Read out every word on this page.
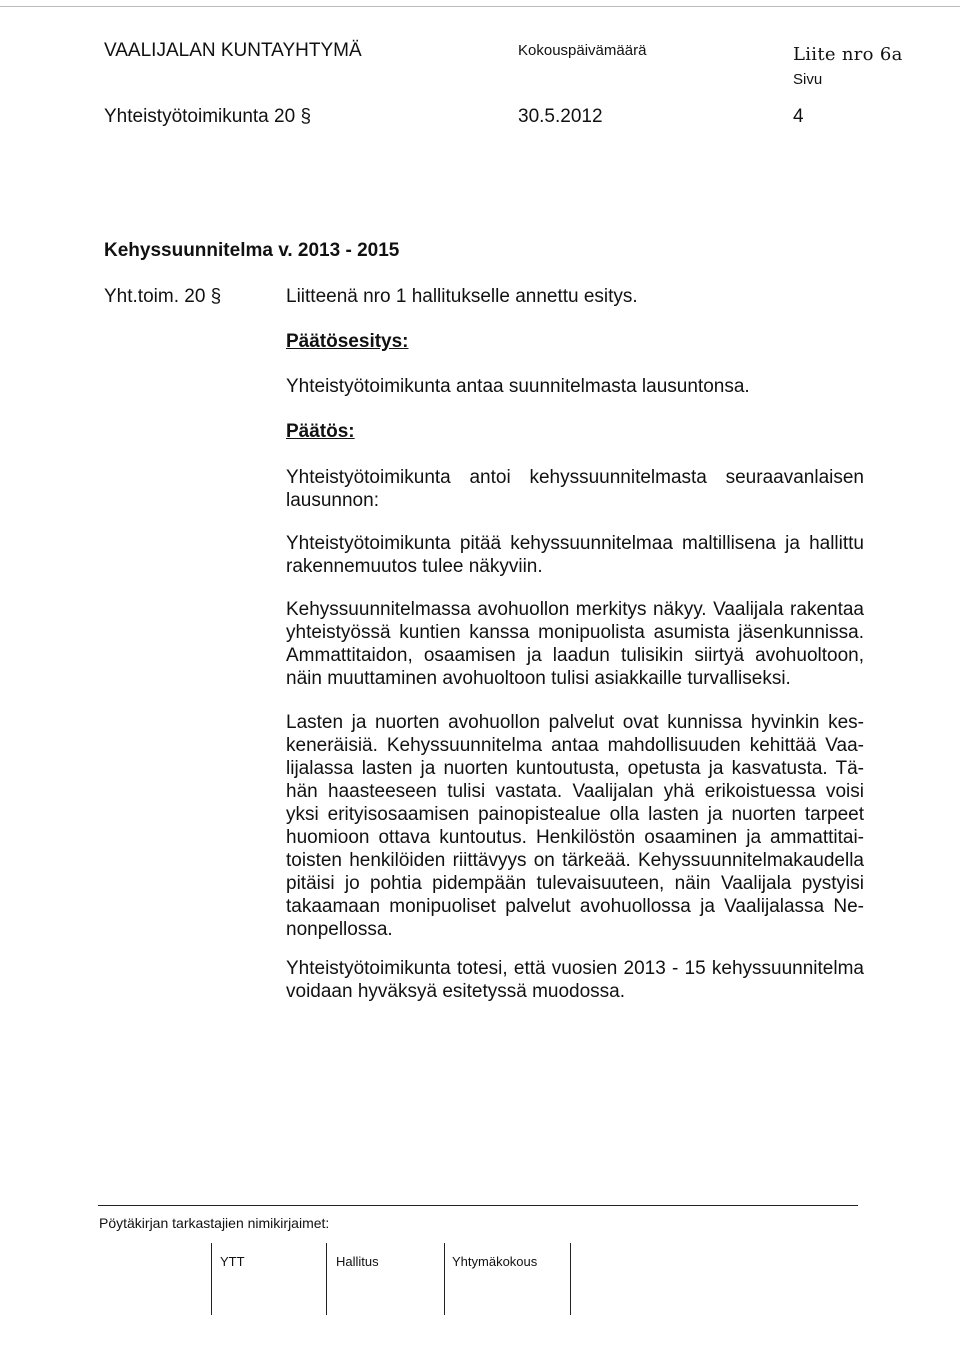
VAALIJALAN KUNTAYHTYMÄ	Kokouspäivämäärä	Liite nro 6a
Sivu
Yhteistyötoimikunta 20 §	30.5.2012	4
Kehyssuunnitelma v. 2013 - 2015
Yht.toim. 20 §	Liitteenä nro 1 hallitukselle annettu esitys.
Päätösesitys:
Yhteistyötoimikunta antaa suunnitelmasta lausuntonsa.
Päätös:
Yhteistyötoimikunta antoi kehyssuunnitelmasta seuraavanlaisen lausunnon:
Yhteistyötoimikunta pitää kehyssuunnitelmaa maltillisena ja hallittu rakennemuutos tulee näkyviin.
Kehyssuunnitelmassa avohuollon merkitys näkyy. Vaalijala rakentaa yhteistyössä kuntien kanssa monipuolista asumista jäsenkunnissa. Ammattitaidon, osaamisen ja laadun tulisikin siirtyä avohuoltoon, näin muuttaminen avohuoltoon tulisi asiakkaille turvalliseksi.
Lasten ja nuorten avohuollon palvelut ovat kunnissa hyvinkin keskeneräisiä. Kehyssuunnitelma antaa mahdollisuuden kehittää Vaalijalassa lasten ja nuorten kuntoutusta, opetusta ja kasvatusta. Tähän haasteeseen tulisi vastata. Vaalijalan yhä erikoistuessa voisi yksi erityisosaamisen painopistealue olla lasten ja nuorten tarpeet huomioon ottava kuntoutus. Henkilöstön osaaminen ja ammattitaitoisten henkilöiden riittävyys on tärkeää. Kehyssuunnitelmakaudella pitäisi jo pohtia pidempään tulevaisuuteen, näin Vaalijala pystyisi takaamaan monipuoliset palvelut avohuollossa ja Vaalijalassa Nenonpellossa.
Yhteistyötoimikunta totesi, että vuosien 2013 - 15 kehyssuunnitelma voidaan hyväksyä esitetyssä muodossa.
Pöytäkirjan tarkastajien nimikirjaimet:
YTT	Hallitus	Yhtymäkokous
